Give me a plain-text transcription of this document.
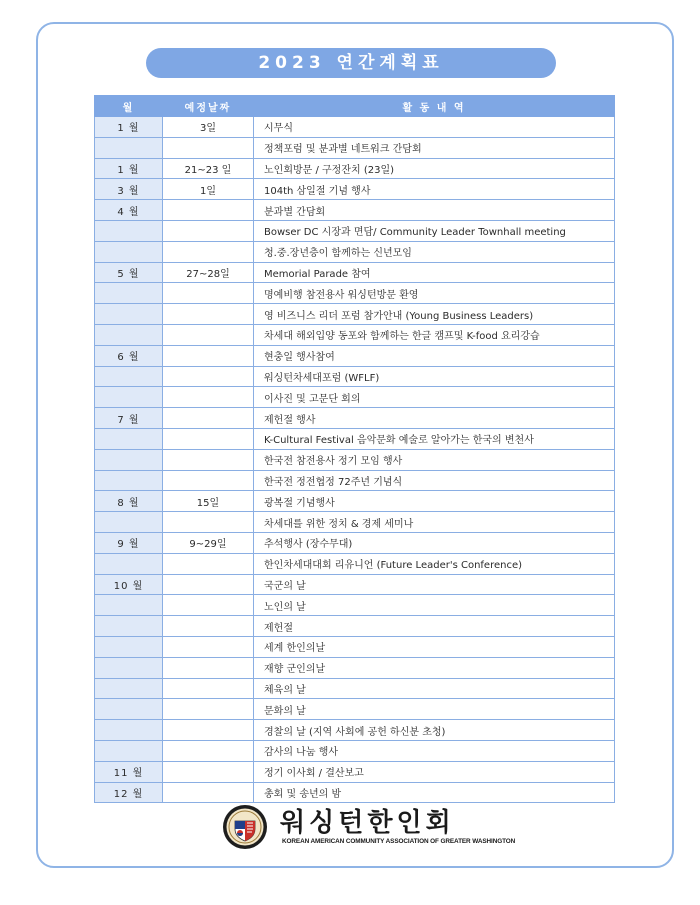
2023 연간계획표
월	예정날짜	활 동 내 역
1 월	3일	시무식
		정책포럼 및 분과별 네트워크 간담회
1 월	21~23 일	노인회방문 / 구정잔치 (23일)
3 월	1일	104th 삼일절 기념 행사
4 월		분과별 간담회
		Bowser DC 시장과 면담/ Community Leader Townhall meeting
		청.중.장년층이 함께하는 신년모임
5 월	27~28일	Memorial Parade 참여
		명예비행 참전용사 워싱턴방문 환영
		영 비즈니스 리더 포럼 참가안내 (Young Business Leaders)
		차세대 해외입양 동포와 함께하는 한글 캠프및 K-food 요리강습
6 월		현충일 행사참여
		워싱턴차세대포럼 (WFLF)
		이사진 및 고문단 회의
7 월		제헌절 행사
		K-Cultural Festival 음악문화 예술로 알아가는 한국의 변천사
		한국전 참전용사 정기 모임 행사
		한국전 정전협정 72주년 기념식
8 월	15일	광복절 기념행사
		차세대를 위한 정치 & 경제 세미나
9 월	9~29일	추석행사 (장수무대)
		한인차세대대회 리유니언 (Future Leader's Conference)
10 월		국군의 날
		노인의 날
		제헌절
		세계 한인의날
		재향 군인의날
		체육의 날
		문화의 날
		경찰의 날 (지역 사회에 공헌 하신분 초청)
		감사의 나눔 행사
11 월		정기 이사회 / 결산보고
12 월		총회 및 송년의 밤
워싱턴한인회
KOREAN AMERICAN COMMUNITY ASSOCIATION OF GREATER WASHINGTON
